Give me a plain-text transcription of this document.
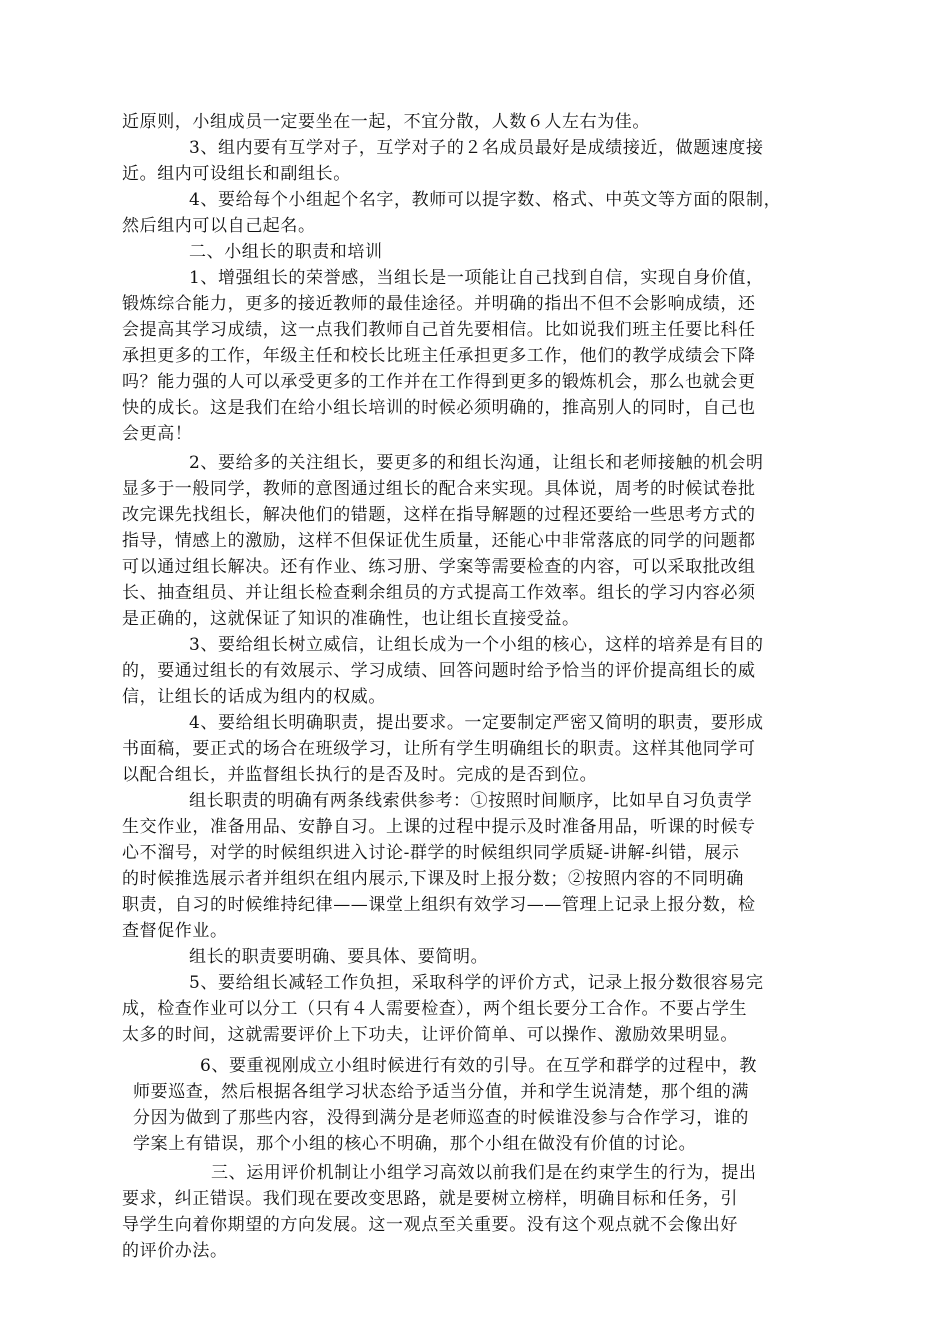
近原则，小组成员一定要坐在一起，不宜分散，人数６人左右为佳。
3、组内要有互学对子，互学对子的２名成员最好是成绩接近，做题速度接
近。组内可设组长和副组长。
4、要给每个小组起个名字，教师可以提字数、格式、中英文等方面的限制，
然后组内可以自己起名。
二、小组长的职责和培训
1、增强组长的荣誉感，当组长是一项能让自己找到自信，实现自身价值，
锻炼综合能力，更多的接近教师的最佳途径。并明确的指出不但不会影响成绩，还
会提高其学习成绩，这一点我们教师自己首先要相信。比如说我们班主任要比科任
承担更多的工作，年级主任和校长比班主任承担更多工作，他们的教学成绩会下降
吗？能力强的人可以承受更多的工作并在工作得到更多的锻炼机会，那么也就会更
快的成长。这是我们在给小组长培训的时候必须明确的，推高别人的同时，自己也
会更高！
2、要给多的关注组长，要更多的和组长沟通，让组长和老师接触的机会明
显多于一般同学，教师的意图通过组长的配合来实现。具体说，周考的时候试卷批
改完课先找组长，解决他们的错题，这样在指导解题的过程还要给一些思考方式的
指导，情感上的激励，这样不但保证优生质量，还能心中非常落底的同学的问题都
可以通过组长解决。还有作业、练习册、学案等需要检查的内容，可以采取批改组
长、抽查组员、并让组长检查剩余组员的方式提高工作效率。组长的学习内容必须
是正确的，这就保证了知识的准确性，也让组长直接受益。
3、要给组长树立威信，让组长成为一个小组的核心，这样的培养是有目的
的，要通过组长的有效展示、学习成绩、回答问题时给予恰当的评价提高组长的威
信，让组长的话成为组内的权威。
4、要给组长明确职责，提出要求。一定要制定严密又简明的职责，要形成
书面稿，要正式的场合在班级学习，让所有学生明确组长的职责。这样其他同学可
以配合组长，并监督组长执行的是否及时。完成的是否到位。
组长职责的明确有两条线索供参考：①按照时间顺序，比如早自习负责学
生交作业，准备用品、安静自习。上课的过程中提示及时准备用品，听课的时候专
心不溜号，对学的时候组织进入讨论-群学的时候组织同学质疑-讲解-纠错，展示
的时候推选展示者并组织在组内展示,下课及时上报分数；②按照内容的不同明确
职责，自习的时候维持纪律——课堂上组织有效学习——管理上记录上报分数，检
查督促作业。
组长的职责要明确、要具体、要简明。
5、要给组长减轻工作负担，采取科学的评价方式，记录上报分数很容易完
成，检查作业可以分工（只有４人需要检查），两个组长要分工合作。不要占学生
太多的时间，这就需要评价上下功夫，让评价简单、可以操作、激励效果明显。
6、要重视刚成立小组时候进行有效的引导。在互学和群学的过程中，教
师要巡查，然后根据各组学习状态给予适当分值，并和学生说清楚，那个组的满
分因为做到了那些内容，没得到满分是老师巡查的时候谁没参与合作学习，谁的
学案上有错误，那个小组的核心不明确，那个小组在做没有价值的讨论。
三、运用评价机制让小组学习高效以前我们是在约束学生的行为，提出
要求，纠正错误。我们现在要改变思路，就是要树立榜样，明确目标和任务，引
导学生向着你期望的方向发展。这一观点至关重要。没有这个观点就不会像出好
的评价办法。
